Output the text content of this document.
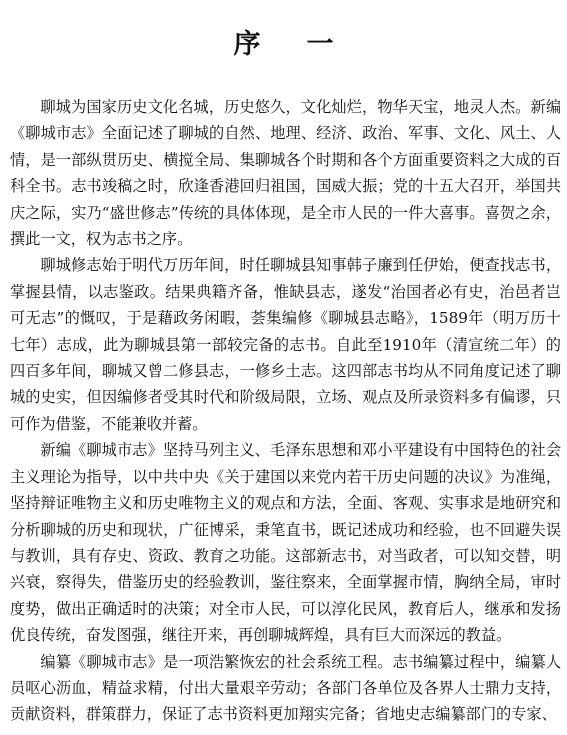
序 一

聊城为国家历史文化名城，历史悠久，文化灿烂，物华天宝，地灵人杰。新编《聊城市志》全面记述了聊城的自然、地理、经济、政治、军事、文化、风土、人情，是一部纵贯历史、横搅全局、集聊城各个时期和各个方面重要资料之大成的百科全书。志书竣稿之时，欣逢香港回归祖国，国威大振；党的十五大召开，举国共庆之际，实乃“盛世修志”传统的具体体现，是全市人民的一件大喜事。喜贺之余，撰此一文，权为志书之序。

聊城修志始于明代万历年间，时任聊城县知事韩子廉到任伊始，便查找志书，掌握县情，以志鉴政。结果典籍齐备，惟缺县志，遂发“治国者必有史，治邑者岂可无志”的慨叹，于是藉政务闲暇，荟集编修《聊城县志略》，1589年（明万历十七年）志成，此为聊城县第一部较完备的志书。自此至1910年（清宣统二年）的四百多年间，聊城又曾二修县志，一修乡土志。这四部志书均从不同角度记述了聊城的史实，但因编修者受其时代和阶级局限，立场、观点及所录资料多有偏谬，只可作为借鉴，不能兼收并蓄。

新编《聊城市志》坚持马列主义、毛泽东思想和邓小平建设有中国特色的社会主义理论为指导，以中共中央《关于建国以来党内若干历史问题的决议》为准绳，坚持辩证唯物主义和历史唯物主义的观点和方法，全面、客观、实事求是地研究和分析聊城的历史和现状，广征博采，秉笔直书，既记述成功和经验，也不回避失误与教训，具有存史、资政、教育之功能。这部新志书，对当政者，可以知交替，明兴衰，察得失，借鉴历史的经验教训，鉴往察来，全面掌握市情，胸纳全局，审时度势，做出正确适时的决策；对全市人民，可以淳化民风，教育后人，继承和发扬优良传统，奋发图强，继往开来，再创聊城辉煌，具有巨大而深远的教益。

编纂《聊城市志》是一项浩繁恢宏的社会系统工程。志书编纂过程中，编纂人员呕心沥血，精益求精，付出大量艰辛劳动；各部门各单位及各界人士鼎力支持，贡献资料，群策群力，保证了志书资料更加翔实完备；省地史志编纂部门的专家、
